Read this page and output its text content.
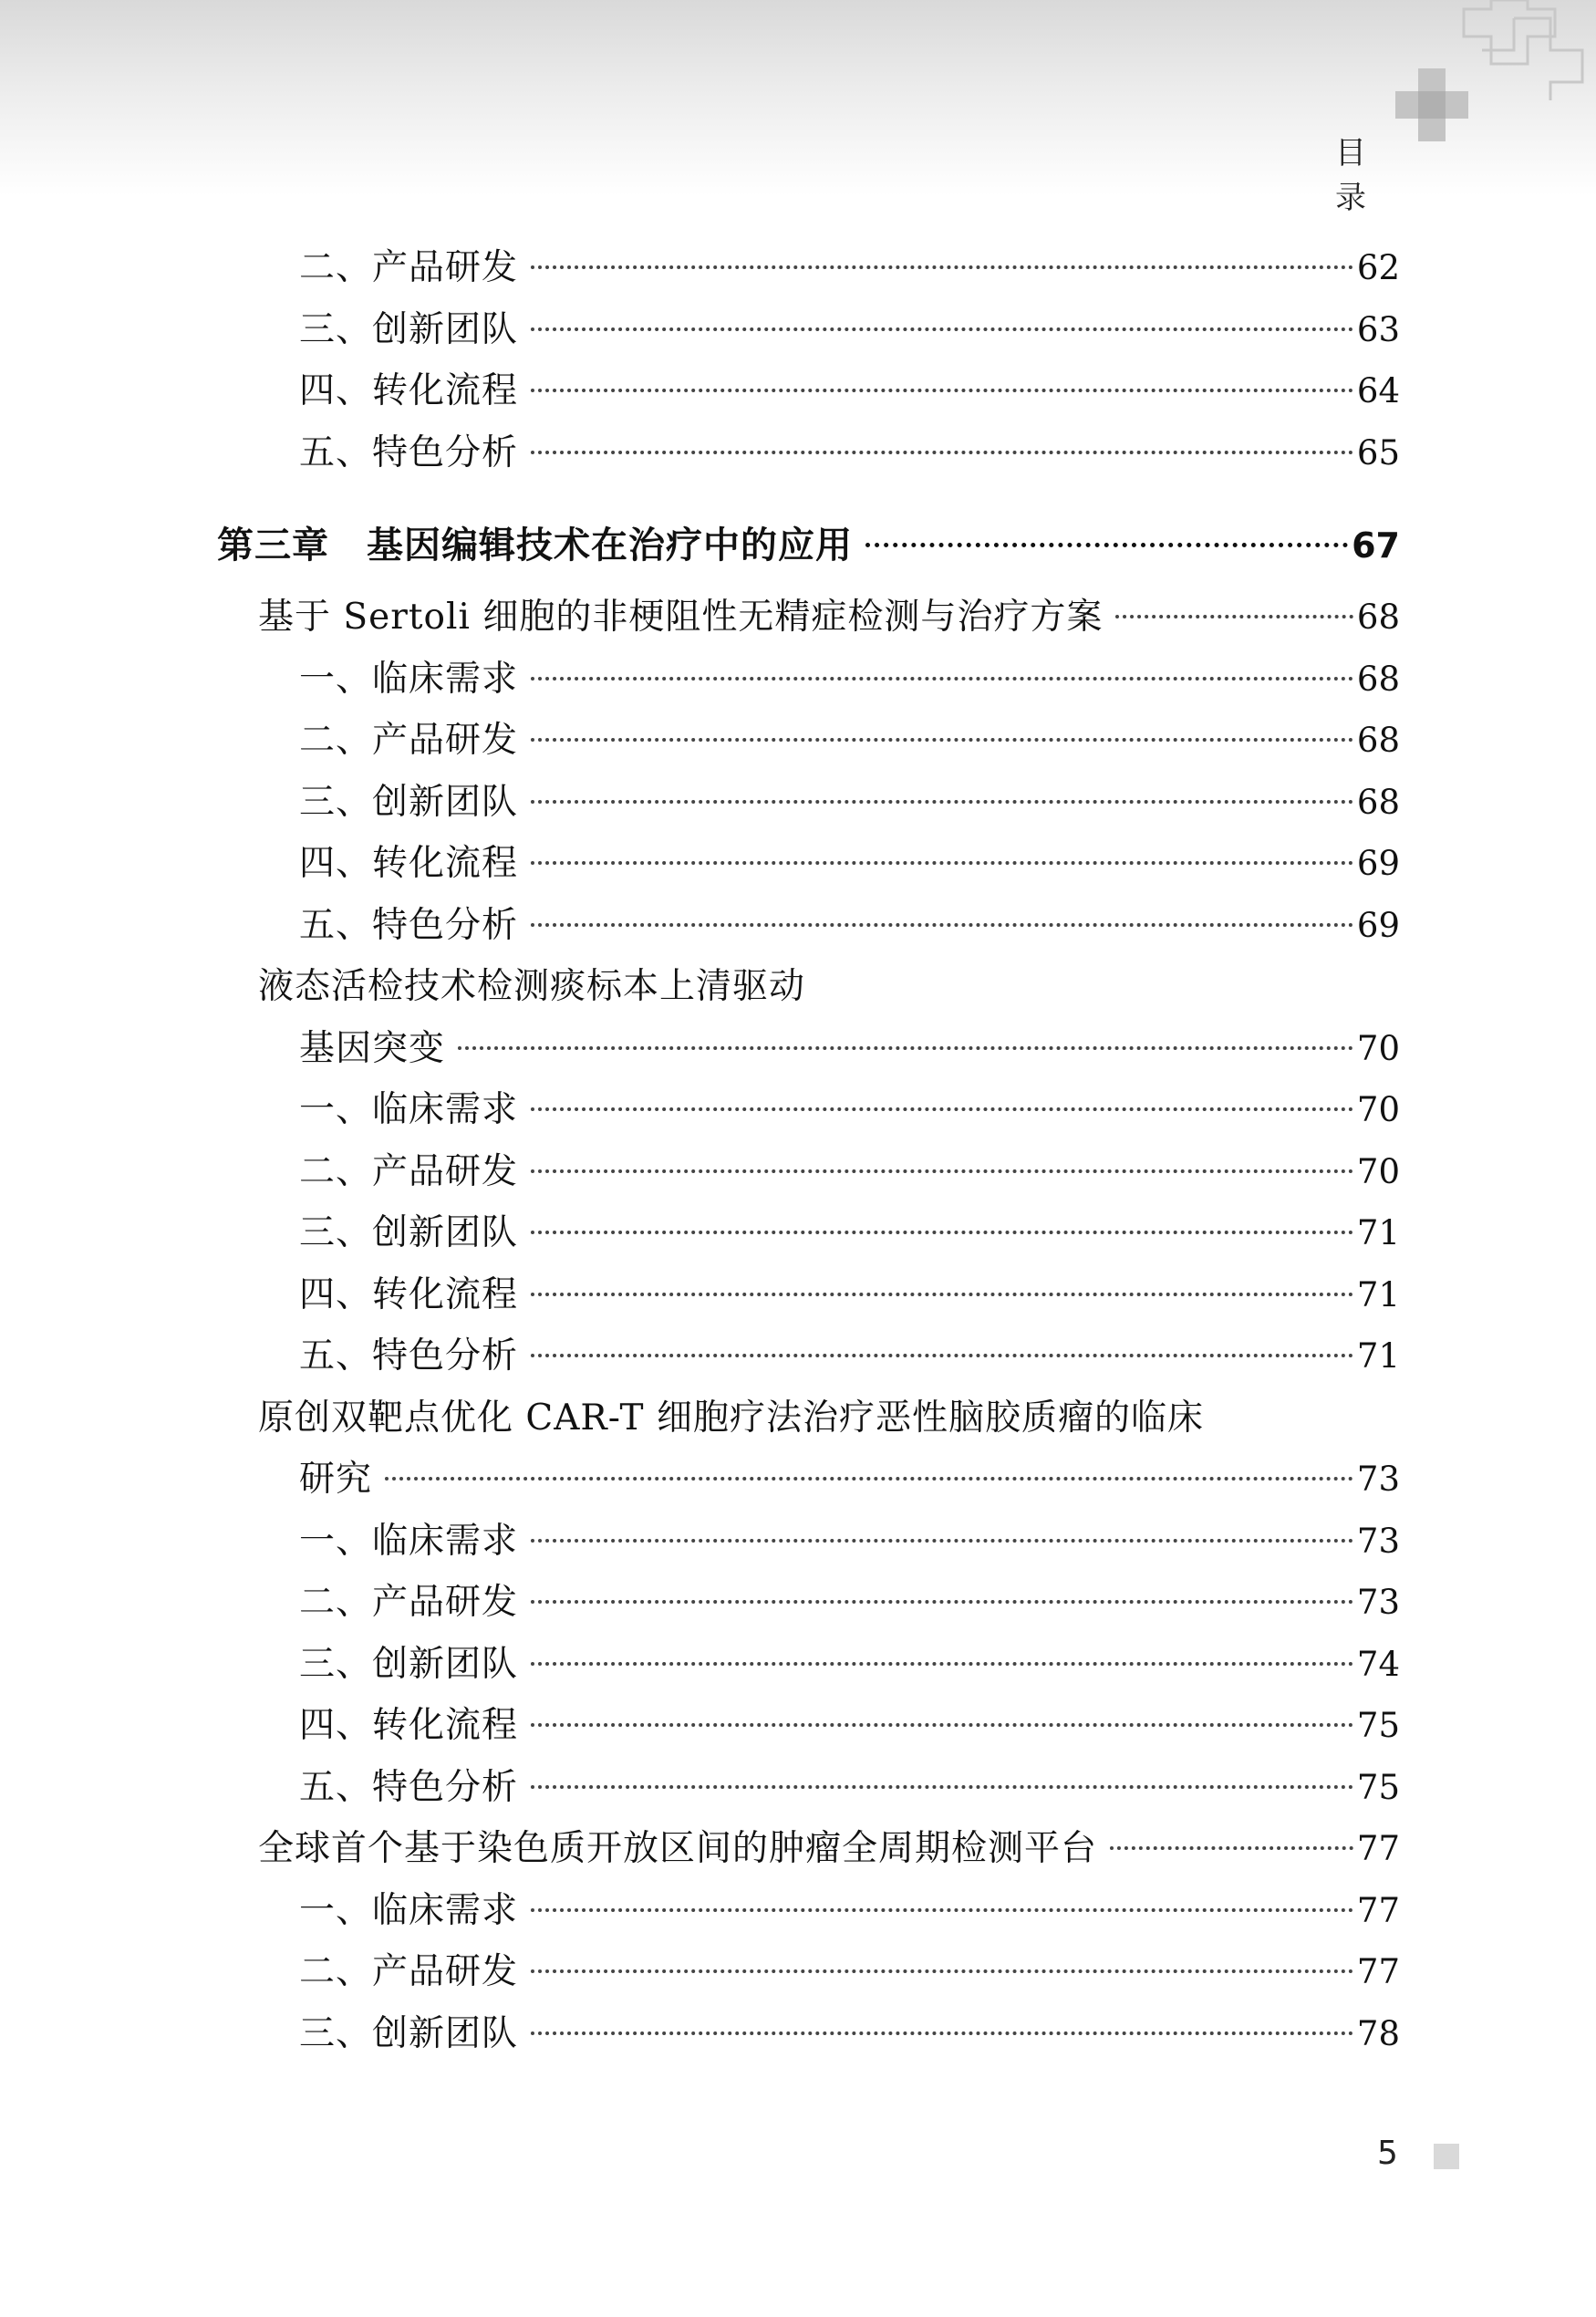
目 录
二、产品研发	62
三、创新团队	63
四、转化流程	64
五、特色分析	65
第三章　基因编辑技术在治疗中的应用	67
基于 Sertoli 细胞的非梗阻性无精症检测与治疗方案	68
一、临床需求	68
二、产品研发	68
三、创新团队	68
四、转化流程	69
五、特色分析	69
液态活检技术检测痰标本上清驱动
基因突变	70
一、临床需求	70
二、产品研发	70
三、创新团队	71
四、转化流程	71
五、特色分析	71
原创双靶点优化 CAR-T 细胞疗法治疗恶性脑胶质瘤的临床
研究	73
一、临床需求	73
二、产品研发	73
三、创新团队	74
四、转化流程	75
五、特色分析	75
全球首个基于染色质开放区间的肿瘤全周期检测平台	77
一、临床需求	77
二、产品研发	77
三、创新团队	78
5
